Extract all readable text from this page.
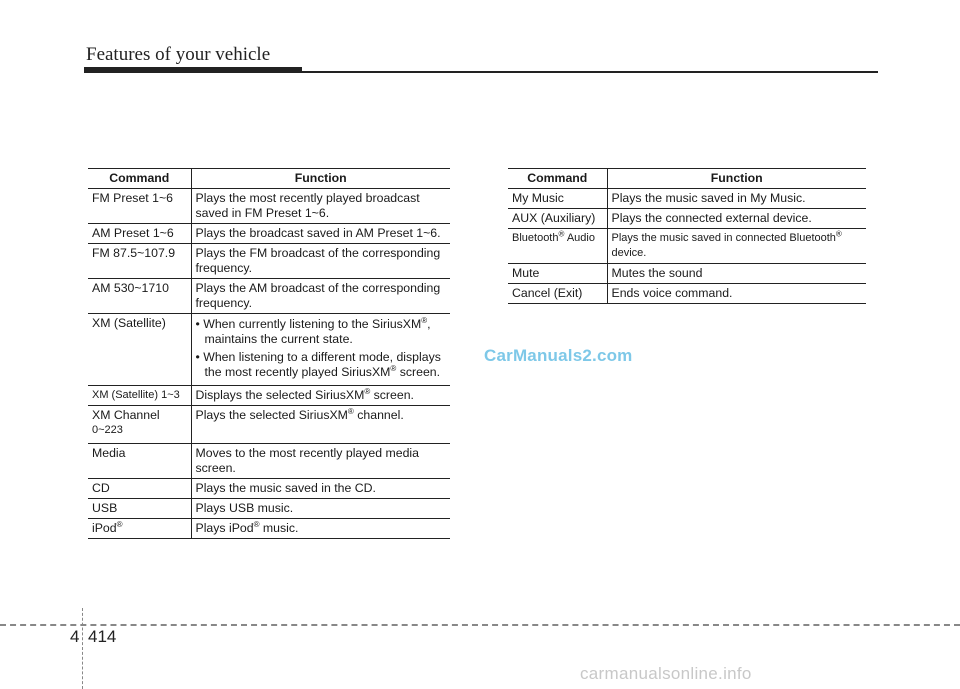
Features of your vehicle
Command	Function
FM Preset 1~6	Plays the most recently played broadcast
saved in FM Preset 1~6.

AM Preset 1~6	Plays the broadcast saved in AM Preset 1~6.
FM 87.5~107.9	Plays the FM broadcast of the corresponding
frequency.

AM 530~1710	Plays the AM broadcast of the corresponding
frequency.

XM (Satellite)	• When currently listening to the SiriusXM®,
maintains the current state.
• When listening to a different mode, displays
the most recently played SiriusXM® screen.

XM (Satellite) 1~3	Displays the selected SiriusXM® screen.

XM Channel
0~223	Plays the selected SiriusXM® channel.
Media	Moves to the most recently played media
screen.

CD	Plays the music saved in the CD.
USB	Plays USB music.
iPod®	Plays iPod® music.
Command	Function
My Music	Plays the music saved in My Music.
AUX (Auxiliary)	Plays the connected external device.
Bluetooth® Audio	Plays the music saved in connected Bluetooth®
device.
Mute	Mutes the sound
Cancel (Exit)	Ends voice command.
CarManuals2.com
4 414
carmanualsonline.info
